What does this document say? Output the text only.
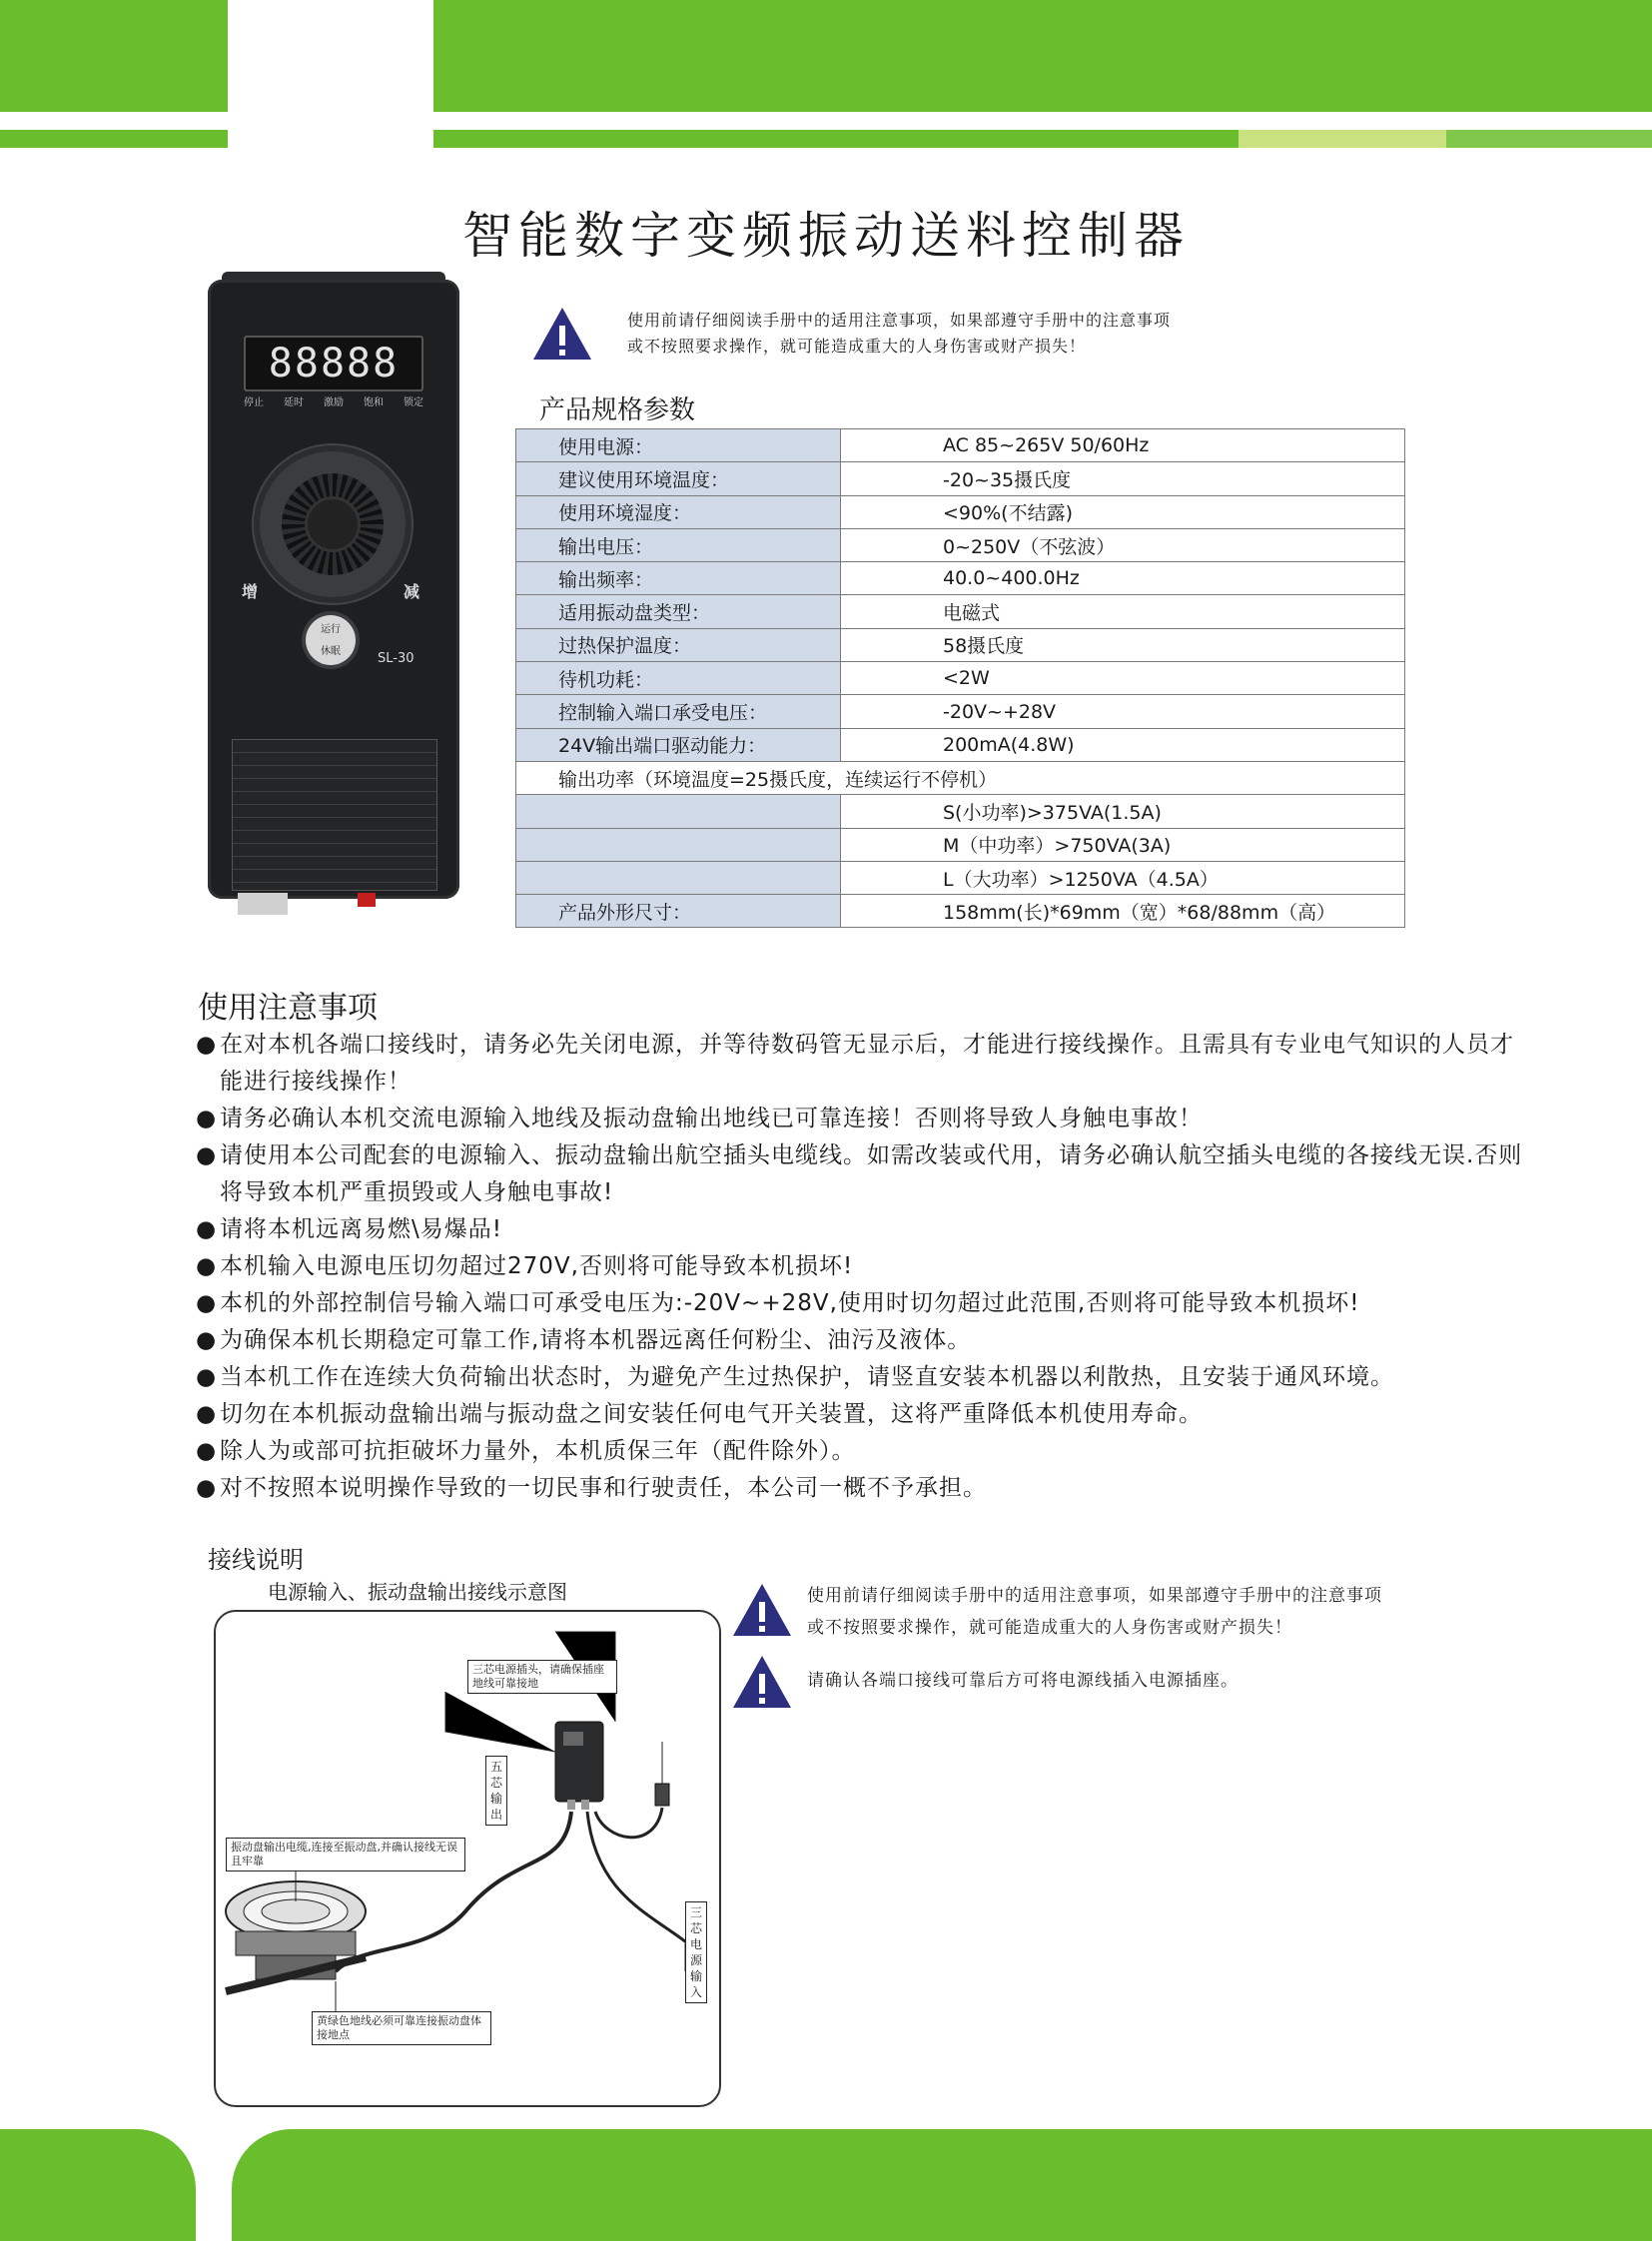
智能数字变频振动送料控制器
88888
停止 延时 激励 饱和 锁定
增	减
运行
休眠	SL-30
使用前请仔细阅读手册中的适用注意事项，如果部遵守手册中的注意事项
或不按照要求操作，就可能造成重大的人身伤害或财产损失！
产品规格参数
使用电源：	AC 85~265V 50/60Hz
建议使用环境温度：	-20~35摄氏度
使用环境湿度：	<90%(不结露)
输出电压：	0~250V（不弦波）
输出频率：	40.0~400.0Hz
适用振动盘类型：	电磁式
过热保护温度：	58摄氏度
待机功耗：	<2W
控制输入端口承受电压：	-20V~+28V
24V输出端口驱动能力：	200mA(4.8W)
输出功率（环境温度=25摄氏度，连续运行不停机）	
	S(小功率)>375VA(1.5A)
	M（中功率）>750VA(3A)
	L（大功率）>1250VA（4.5A）
产品外形尺寸：	158mm(长)*69mm（宽）*68/88mm（高）
使用注意事项
● 在对本机各端口接线时，请务必先关闭电源，并等待数码管无显示后，才能进行接线操作。且需具有专业电气知识的人员才能进行接线操作！
● 请务必确认本机交流电源输入地线及振动盘输出地线已可靠连接！否则将导致人身触电事故！
● 请使用本公司配套的电源输入、振动盘输出航空插头电缆线。如需改装或代用，请务必确认航空插头电缆的各接线无误.否则将导致本机严重损毁或人身触电事故!
● 请将本机远离易燃\易爆品!
● 本机输入电源电压切勿超过270V,否则将可能导致本机损坏!
● 本机的外部控制信号输入端口可承受电压为:-20V~+28V,使用时切勿超过此范围,否则将可能导致本机损坏!
● 为确保本机长期稳定可靠工作,请将本机器远离任何粉尘、油污及液体。
● 当本机工作在连续大负荷输出状态时，为避免产生过热保护，请竖直安装本机器以利散热，且安装于通风环境。
● 切勿在本机振动盘输出端与振动盘之间安装任何电气开关装置，这将严重降低本机使用寿命。
● 除人为或部可抗拒破坏力量外，本机质保三年（配件除外）。
● 对不按照本说明操作导致的一切民事和行驶责任，本公司一概不予承担。
接线说明
电源输入、振动盘输出接线示意图
三芯电源插头，请确保插座地线可靠接地
五芯输出
振动盘输出电缆,连接至振动盘,并确认接线无误且牢靠
三芯电源输入
黄绿色地线必须可靠连接振动盘体接地点
使用前请仔细阅读手册中的适用注意事项，如果部遵守手册中的注意事项
或不按照要求操作，就可能造成重大的人身伤害或财产损失！
请确认各端口接线可靠后方可将电源线插入电源插座。
